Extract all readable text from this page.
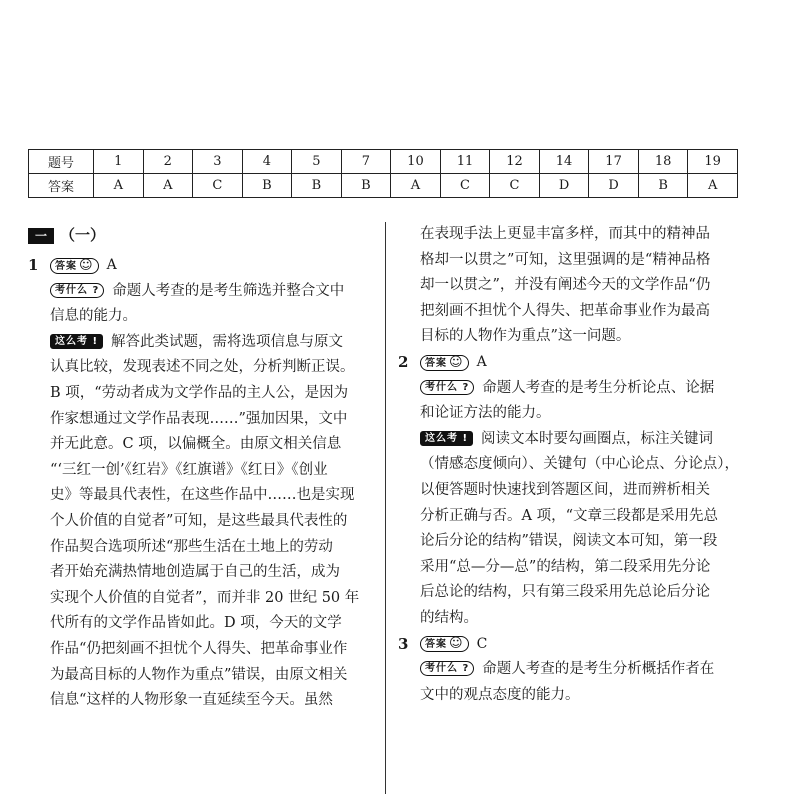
题号	1	2	3	4	5	7	10	11	12	14	17	18	19
答案	A	A	C	B	B	B	A	C	C	D	D	B	A
一 （一）
1	答案 ☺ A

考什么 ? 命题人考查的是考生筛选并整合文中

信息的能力。

这么考 ! 解答此类试题，需将选项信息与原文

认真比较，发现表述不同之处，分析判断正误。

B 项，“劳动者成为文学作品的主人公，是因为

作家想通过文学作品表现……”强加因果，文中

并无此意。C 项，以偏概全。由原文相关信息

“‘三红一创’《红岩》《红旗谱》《红日》《创业

史》等最具代表性，在这些作品中……也是实现

个人价值的自觉者”可知，是这些最具代表性的

作品契合选项所述“那些生活在土地上的劳动

者开始充满热情地创造属于自己的生活，成为

实现个人价值的自觉者”，而并非 20 世纪 50 年

代所有的文学作品皆如此。D 项，今天的文学

作品“仍把刻画不担忧个人得失、把革命事业作

为最高目标的人物作为重点”错误，由原文相关

信息“这样的人物形象一直延续至今天。虽然

在表现手法上更显丰富多样，而其中的精神品

格却一以贯之”可知，这里强调的是“精神品格

却一以贯之”，并没有阐述今天的文学作品“仍

把刻画不担忧个人得失、把革命事业作为最高

目标的人物作为重点”这一问题。

2	答案 ☺ A

考什么 ? 命题人考查的是考生分析论点、论据

和论证方法的能力。

这么考 ! 阅读文本时要勾画圈点，标注关键词

（情感态度倾向）、关键句（中心论点、分论点），

以便答题时快速找到答题区间，进而辨析相关

分析正确与否。A 项，“文章三段都是采用先总

论后分论的结构”错误，阅读文本可知，第一段

采用“总—分—总”的结构，第二段采用先分论

后总论的结构，只有第三段采用先总论后分论

的结构。

3	答案 ☺ C

考什么 ? 命题人考查的是考生分析概括作者在

文中的观点态度的能力。
